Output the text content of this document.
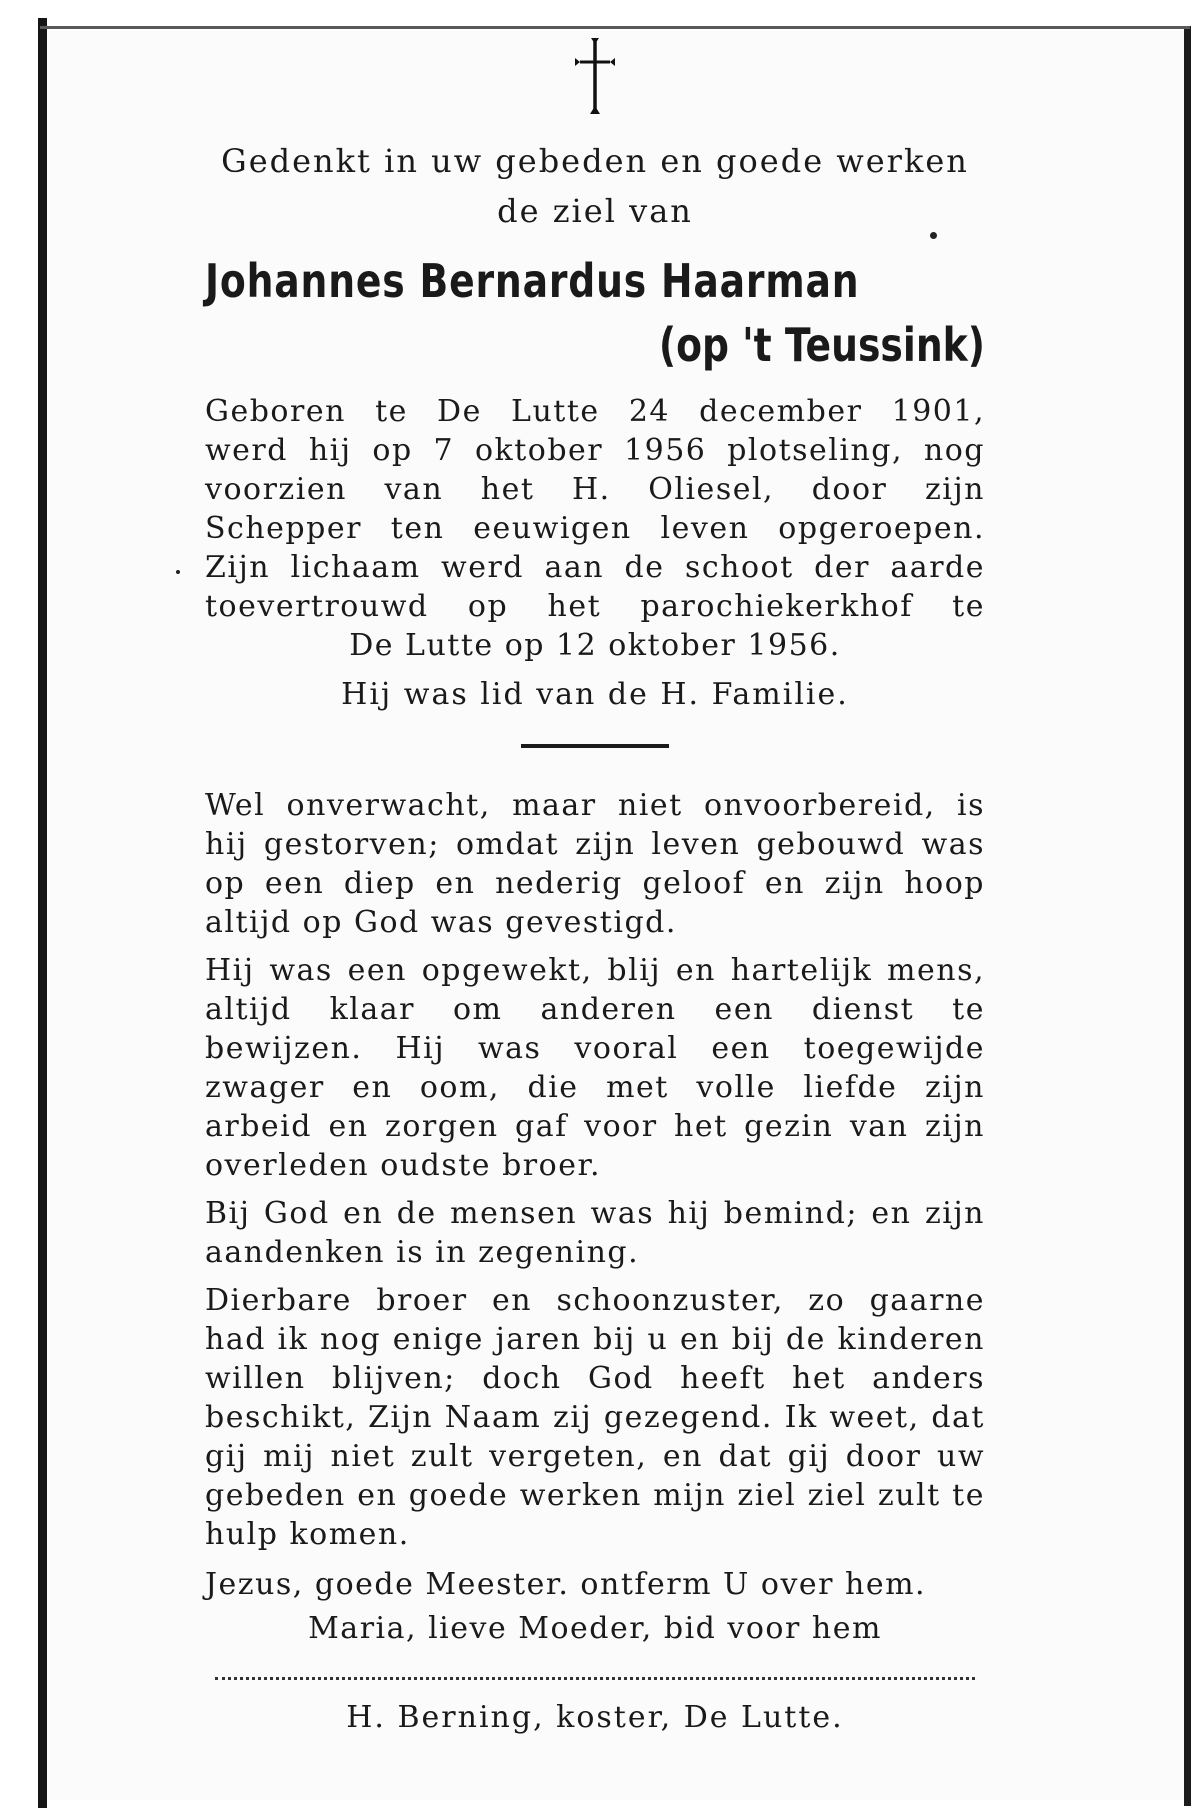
Gedenkt in uw gebeden en goede werken
de ziel van
Johannes Bernardus Haarman
(op 't Teussink)
Geboren te De Lutte 24 december 1901,
werd hij op 7 oktober 1956 plotseling, nog
voorzien van het H. Oliesel, door zijn
Schepper ten eeuwigen leven opgeroepen.
Zijn lichaam werd aan de schoot der aarde
toevertrouwd op het parochiekerkhof te
De Lutte op 12 oktober 1956.
Hij was lid van de H. Familie.

Wel onverwacht, maar niet onvoorbereid, is hij gestorven; omdat zijn leven gebouwd was op een diep en nederig geloof en zijn hoop altijd op God was gevestigd.

Hij was een opgewekt, blij en hartelijk mens, altijd klaar om anderen een dienst te bewijzen. Hij was vooral een toegewijde zwager en oom, die met volle liefde zijn arbeid en zorgen gaf voor het gezin van zijn overleden oudste broer.

Bij God en de mensen was hij bemind; en zijn aandenken is in zegening.

Dierbare broer en schoonzuster, zo gaarne had ik nog enige jaren bij u en bij de kinderen willen blijven; doch God heeft het anders beschikt, Zijn Naam zij gezegend. Ik weet, dat gij mij niet zult vergeten, en dat gij door uw gebeden en goede werken mijn ziel ziel zult te hulp komen.

Jezus, goede Meester. ontferm U over hem.
Maria, lieve Moeder, bid voor hem
H. Berning, koster, De Lutte.
